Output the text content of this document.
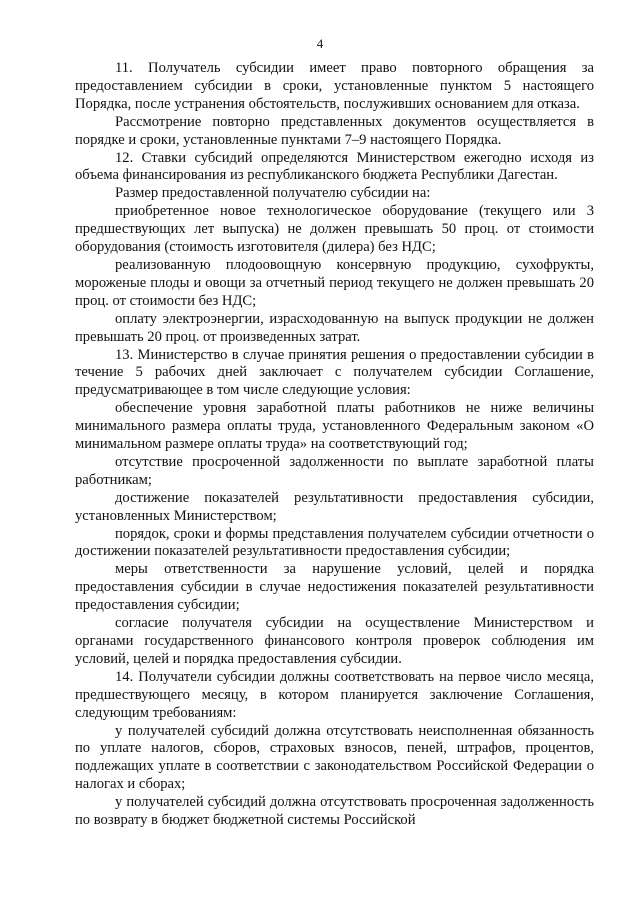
4

11. Получатель субсидии имеет право повторного обращения за предоставлением субсидии в сроки, установленные пунктом 5 настоящего Порядка, после устранения обстоятельств, послуживших основанием для отказа.

Рассмотрение повторно представленных документов осуществляется в порядке и сроки, установленные пунктами 7–9 настоящего Порядка.

12. Ставки субсидий определяются Министерством ежегодно исходя из объема финансирования из республиканского бюджета Республики Дагестан.

Размер предоставленной получателю субсидии на:

приобретенное новое технологическое оборудование (текущего или 3 предшествующих лет выпуска) не должен превышать 50 проц. от стоимости оборудования (стоимость изготовителя (дилера) без НДС;

реализованную плодоовощную консервную продукцию, сухофрукты, мороженые плоды и овощи за отчетный период текущего не должен превышать 20 проц. от стоимости без НДС;

оплату электроэнергии, израсходованную на выпуск продукции не должен превышать 20 проц. от произведенных затрат.

13. Министерство в случае принятия решения о предоставлении субсидии в течение 5 рабочих дней заключает с получателем субсидии Соглашение, предусматривающее в том числе следующие условия:

обеспечение уровня заработной платы работников не ниже величины минимального размера оплаты труда, установленного Федеральным законом «О минимальном размере оплаты труда» на соответствующий год;

отсутствие просроченной задолженности по выплате заработной платы работникам;

достижение показателей результативности предоставления субсидии, установленных Министерством;

порядок, сроки и формы представления получателем субсидии отчетности о достижении показателей результативности предоставления субсидии;

меры ответственности за нарушение условий, целей и порядка предоставления субсидии в случае недостижения показателей результативности предоставления субсидии;

согласие получателя субсидии на осуществление Министерством и органами государственного финансового контроля проверок соблюдения им условий, целей и порядка предоставления субсидии.

14. Получатели субсидии должны соответствовать на первое число месяца, предшествующего месяцу, в котором планируется заключение Соглашения, следующим требованиям:

у получателей субсидий должна отсутствовать неисполненная обязанность по уплате налогов, сборов, страховых взносов, пеней, штрафов, процентов, подлежащих уплате в соответствии с законодательством Российской Федерации о налогах и сборах;

у получателей субсидий должна отсутствовать просроченная задолженность по возврату в бюджет бюджетной системы Российской
